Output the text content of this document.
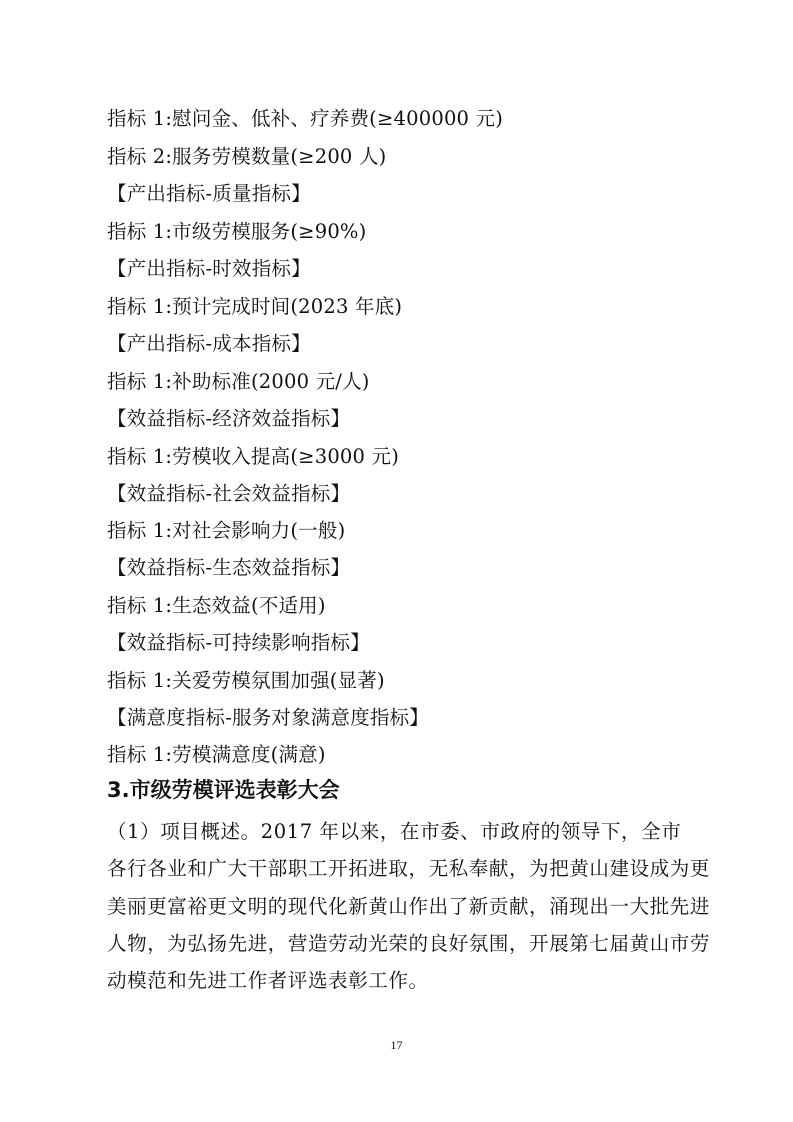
指标 1:慰问金、低补、疗养费(≥400000 元)
指标 2:服务劳模数量(≥200 人)
【产出指标-质量指标】
指标 1:市级劳模服务(≥90%)
【产出指标-时效指标】
指标 1:预计完成时间(2023 年底)
【产出指标-成本指标】
指标 1:补助标准(2000 元/人)
【效益指标-经济效益指标】
指标 1:劳模收入提高(≥3000 元)
【效益指标-社会效益指标】
指标 1:对社会影响力(一般)
【效益指标-生态效益指标】
指标 1:生态效益(不适用)
【效益指标-可持续影响指标】
指标 1:关爱劳模氛围加强(显著)
【满意度指标-服务对象满意度指标】
指标 1:劳模满意度(满意)
3.市级劳模评选表彰大会
（1）项目概述。2017 年以来，在市委、市政府的领导下，全市
各行各业和广大干部职工开拓进取，无私奉献，为把黄山建设成为更
美丽更富裕更文明的现代化新黄山作出了新贡献，涌现出一大批先进
人物，为弘扬先进，营造劳动光荣的良好氛围，开展第七届黄山市劳
动模范和先进工作者评选表彰工作。
17
